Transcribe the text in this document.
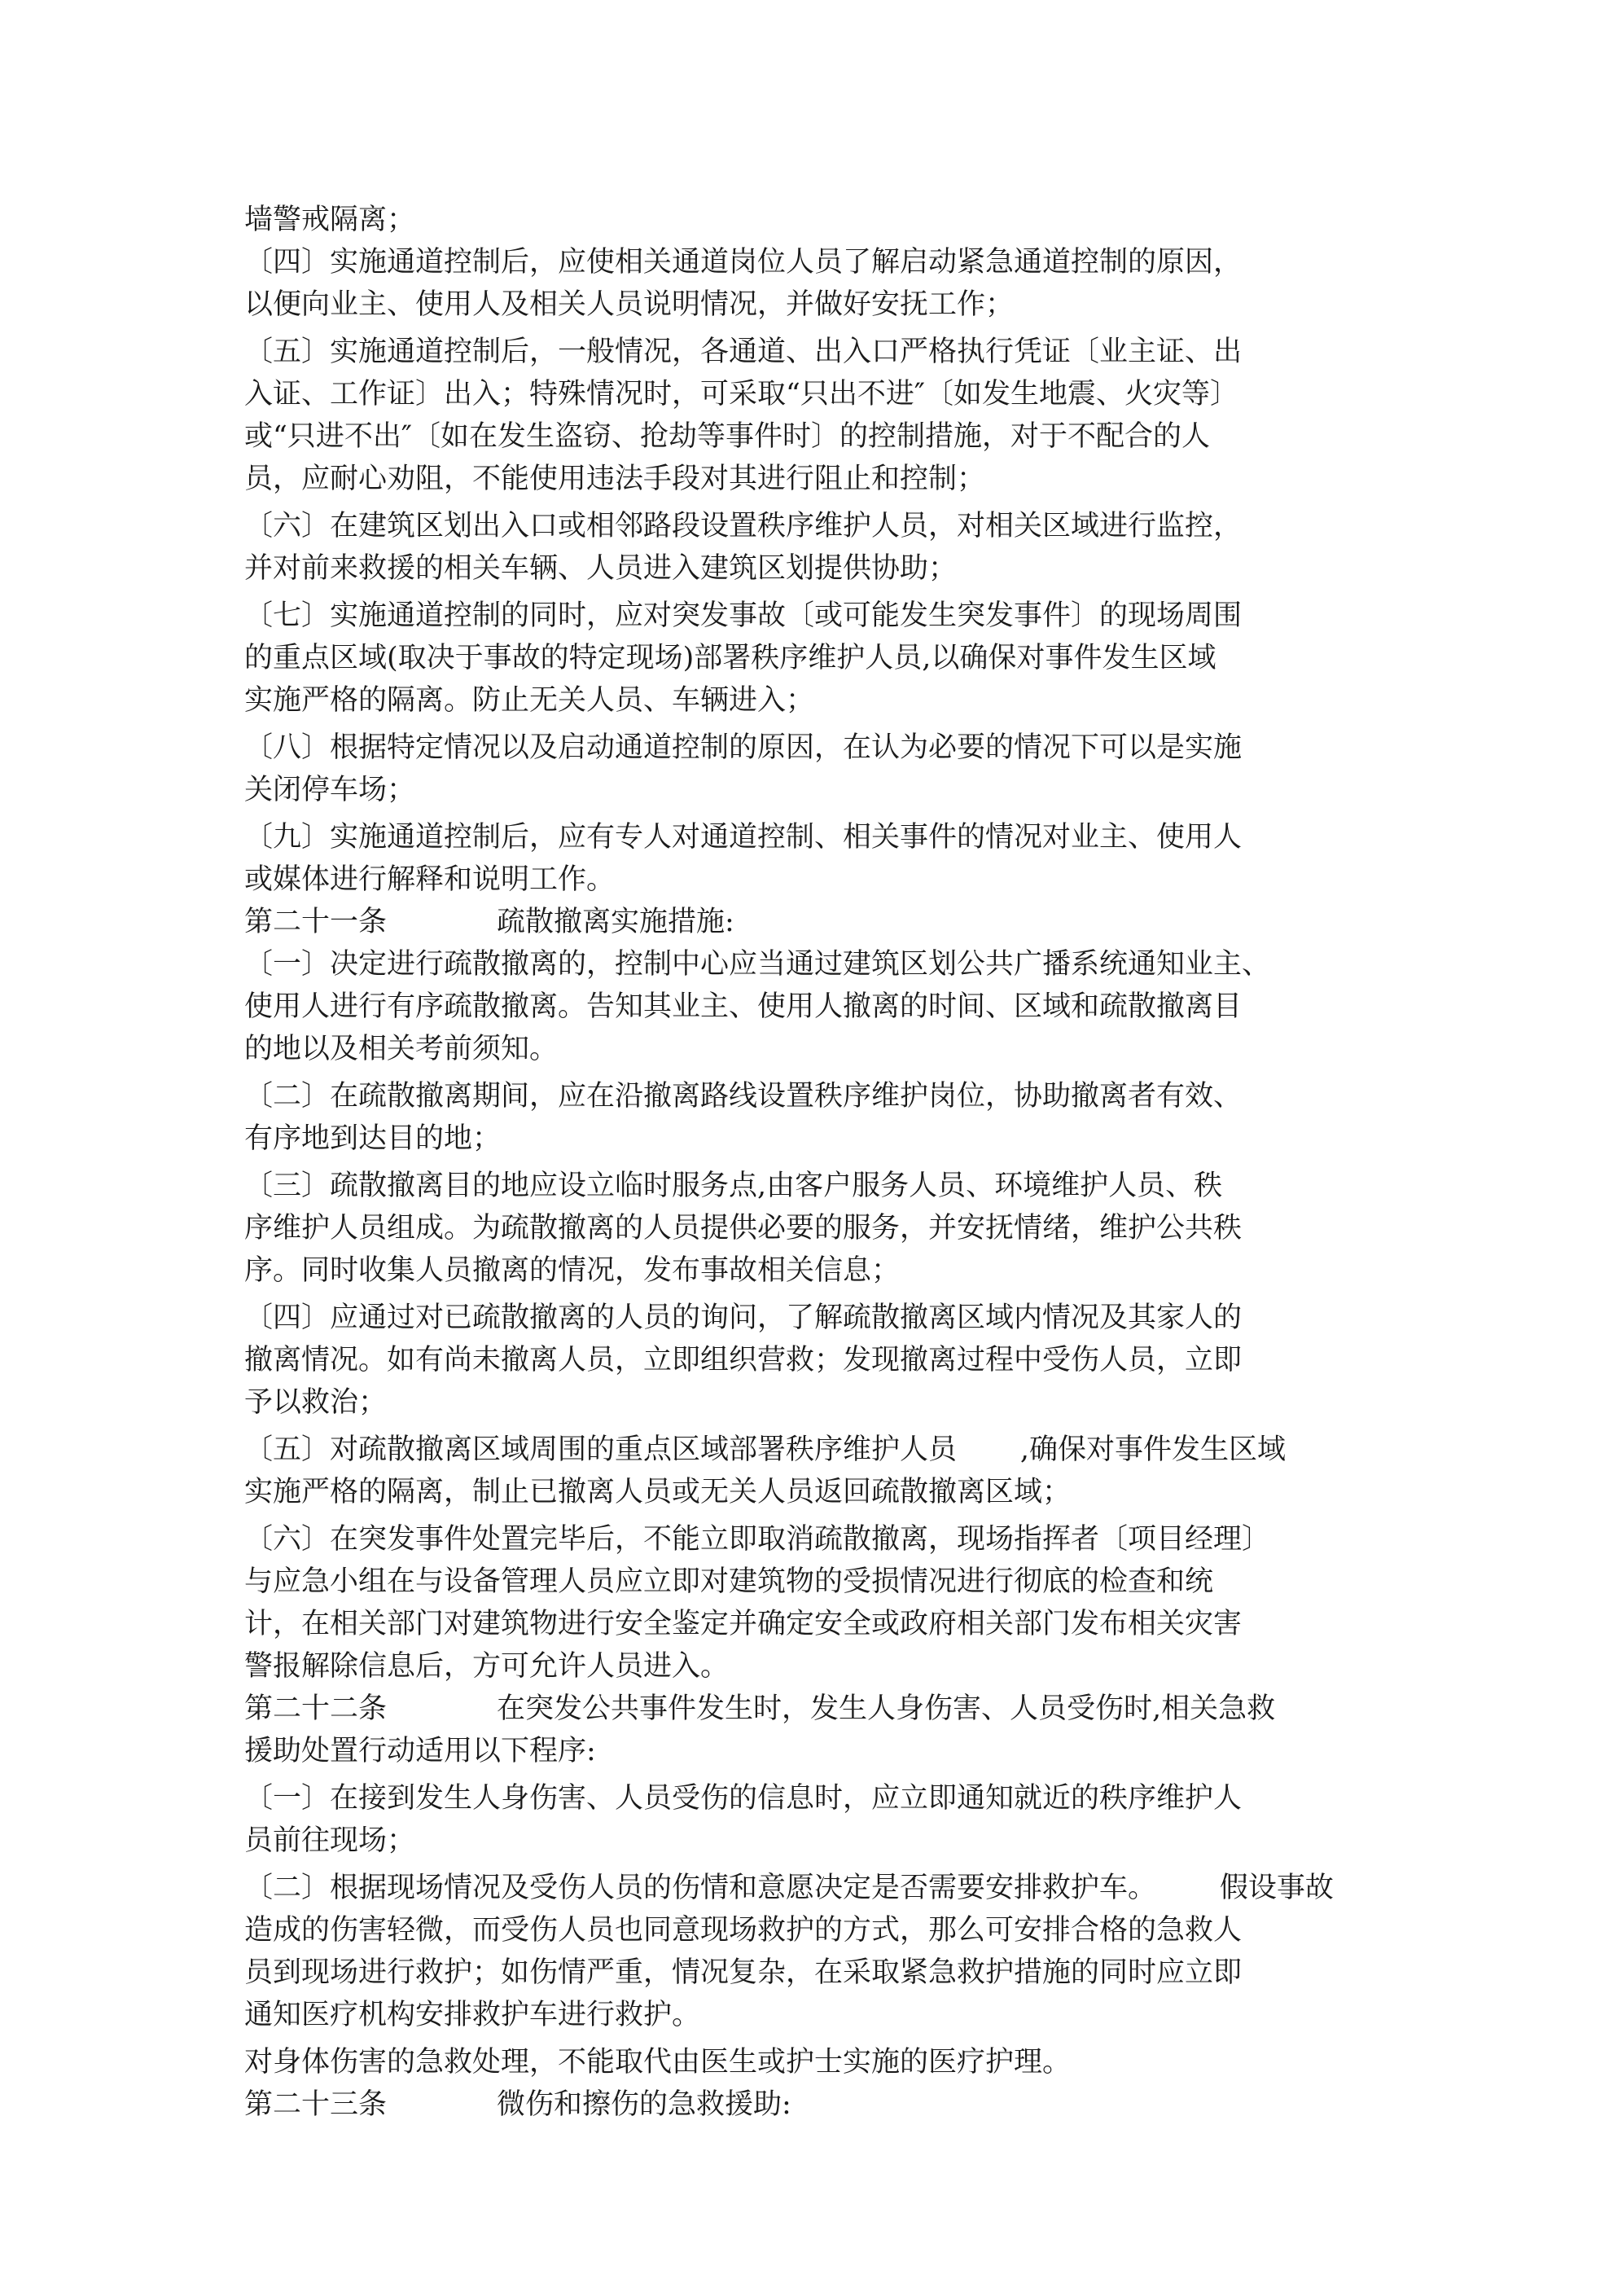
墙警戒隔离；
〔四〕实施通道控制后，应使相关通道岗位人员了解启动紧急通道控制的原因，
以便向业主、使用人及相关人员说明情况，并做好安抚工作；
〔五〕实施通道控制后，一般情况，各通道、出入口严格执行凭证〔业主证、出
入证、工作证〕出入；特殊情况时，可采取“只出不进″〔如发生地震、火灾等〕
或“只进不出″〔如在发生盗窃、抢劫等事件时〕的控制措施，对于不配合的人
员，应耐心劝阻，不能使用违法手段对其进行阻止和控制；
〔六〕在建筑区划出入口或相邻路段设置秩序维护人员，对相关区域进行监控，
并对前来救援的相关车辆、人员进入建筑区划提供协助；
〔七〕实施通道控制的同时，应对突发事故〔或可能发生突发事件〕的现场周围
的重点区域(取决于事故的特定现场)部署秩序维护人员,以确保对事件发生区域
实施严格的隔离。防止无关人员、车辆进入；
〔八〕根据特定情况以及启动通道控制的原因，在认为必要的情况下可以是实施
关闭停车场；
〔九〕实施通道控制后，应有专人对通道控制、相关事件的情况对业主、使用人
或媒体进行解释和说明工作。
第二十一条	疏散撤离实施措施:
〔一〕决定进行疏散撤离的，控制中心应当通过建筑区划公共广播系统通知业主、
使用人进行有序疏散撤离。告知其业主、使用人撤离的时间、区域和疏散撤离目
的地以及相关考前须知。
〔二〕在疏散撤离期间，应在沿撤离路线设置秩序维护岗位，协助撤离者有效、
有序地到达目的地；
〔三〕疏散撤离目的地应设立临时服务点,由客户服务人员、环境维护人员、秩
序维护人员组成。为疏散撤离的人员提供必要的服务，并安抚情绪，维护公共秩
序。同时收集人员撤离的情况，发布事故相关信息；
〔四〕应通过对已疏散撤离的人员的询问，了解疏散撤离区域内情况及其家人的
撤离情况。如有尚未撤离人员，立即组织营救；发现撤离过程中受伤人员，立即
予以救治；
〔五〕对疏散撤离区域周围的重点区域部署秩序维护人员       ,确保对事件发生区域
实施严格的隔离，制止已撤离人员或无关人员返回疏散撤离区域；
〔六〕在突发事件处置完毕后，不能立即取消疏散撤离，现场指挥者〔项目经理〕
与应急小组在与设备管理人员应立即对建筑物的受损情况进行彻底的检查和统
计，在相关部门对建筑物进行安全鉴定并确定安全或政府相关部门发布相关灾害
警报解除信息后，方可允许人员进入。
第二十二条	在突发公共事件发生时，发生人身伤害、人员受伤时,相关急救
援助处置行动适用以下程序:
〔一〕在接到发生人身伤害、人员受伤的信息时，应立即通知就近的秩序维护人
员前往现场；
〔二〕根据现场情况及受伤人员的伤情和意愿决定是否需要安排救护车。       假设事故
造成的伤害轻微，而受伤人员也同意现场救护的方式，那么可安排合格的急救人
员到现场进行救护；如伤情严重，情况复杂，在采取紧急救护措施的同时应立即
通知医疗机构安排救护车进行救护。
对身体伤害的急救处理，不能取代由医生或护士实施的医疗护理。
第二十三条	微伤和擦伤的急救援助:
